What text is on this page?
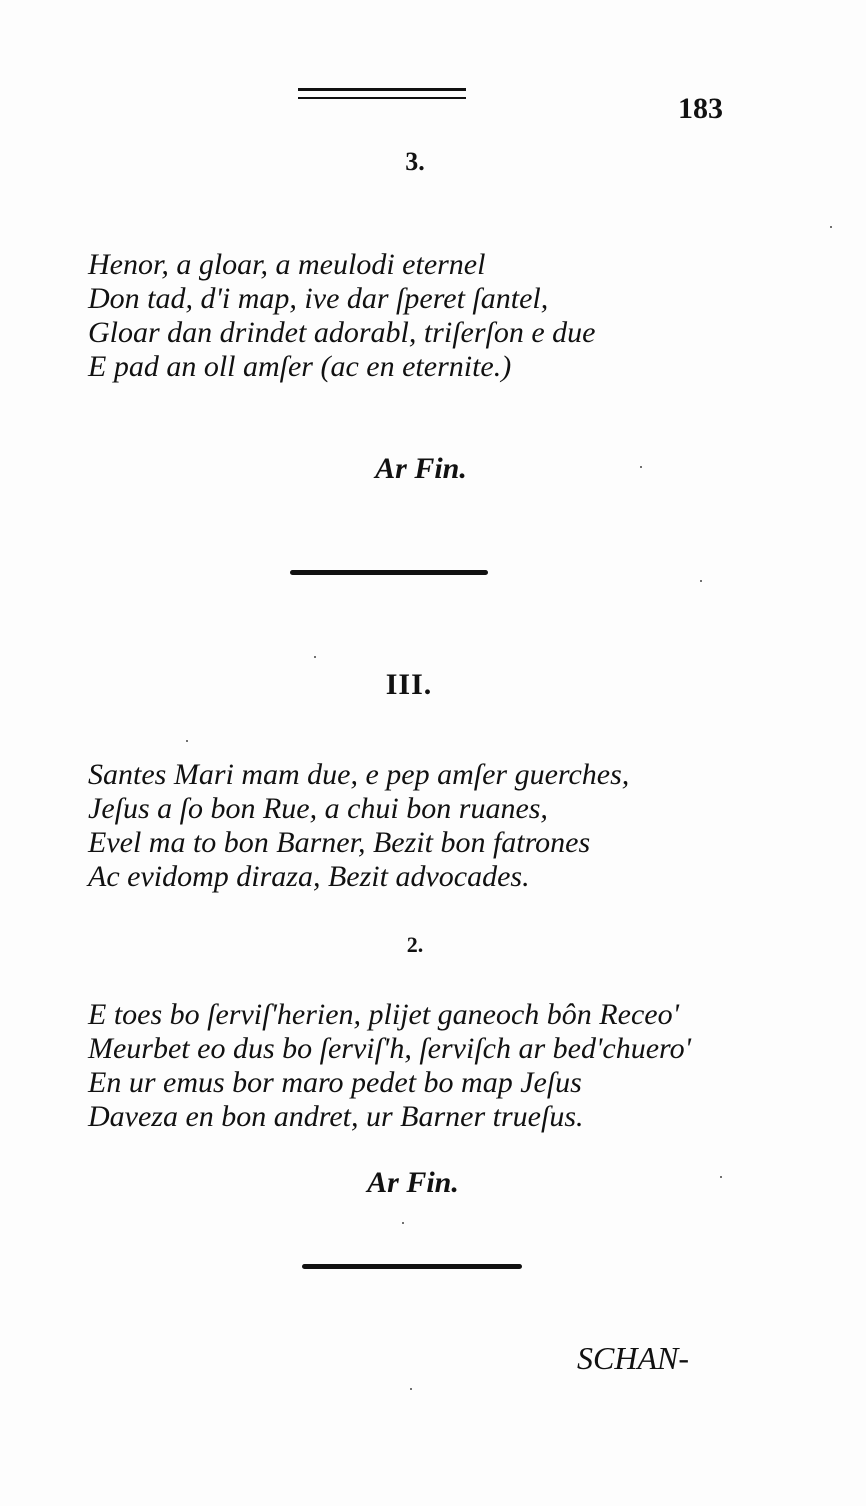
183
3.
Henor, a gloar, a meulodi eternel
Don tad, d'i map, ive dar ſperet ſantel,
Gloar dan drindet adorabl, triſerſon e due
E pad an oll amſer (ac en eternite.)
Ar Fin.
III.
Santes Mari mam due, e pep amſer guerches,
Jeſus a ſo bon Rue, a chui bon ruanes,
Evel ma to bon Barner, Bezit bon fatrones
Ac evidomp diraza, Bezit advocades.
2.
E toes bo ſerviſ'herien, plijet ganeoch bôn Receo'
Meurbet eo dus bo ſerviſ'h, ſerviſch ar bed'chuero'
En ur emus bor maro pedet bo map Jeſus
Daveza en bon andret, ur Barner trueſus.
Ar Fin.
SCHAN-
